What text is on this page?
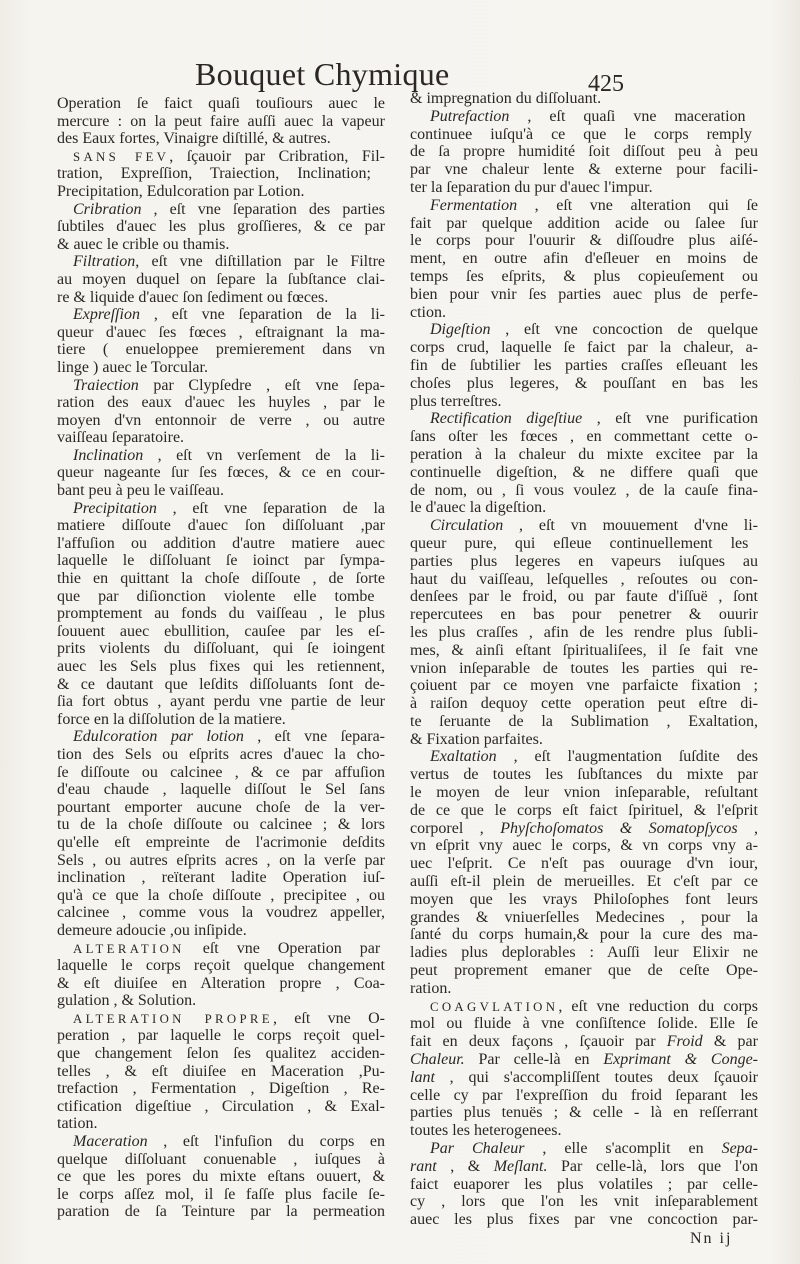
Bouquet Chymique	425
Operation ſe faict quaſi touſiours auec le
mercure : on la peut faire auſſi auec la vapeur
des Eaux fortes, Vinaigre diſtillé, & autres.
SANS FEV, ſçauoir par Cribration, Fil-
tration, Expreſſion, Traiection, Inclination;
Precipitation, Edulcoration par Lotion.
Cribration , eſt vne ſeparation des parties
ſubtiles d'auec les plus groſſieres, & ce par
& auec le crible ou thamis.
Filtration, eſt vne diſtillation par le Filtre
au moyen duquel on ſepare la ſubſtance clai-
re & liquide d'auec ſon ſediment ou fœces.
Expreſſion , eſt vne ſeparation de la li-
queur d'auec ſes fœces , eſtraignant la ma-
tiere ( enueloppee premierement dans vn
linge ) auec le Torcular.
Traiection par Clypſedre , eſt vne ſepa-
ration des eaux d'auec les huyles , par le
moyen d'vn entonnoir de verre , ou autre
vaiſſeau ſeparatoire.
Inclination , eſt vn verſement de la li-
queur nageante ſur ſes fœces, & ce en cour-
bant peu à peu le vaiſſeau.
Precipitation , eſt vne ſeparation de la
matiere diſſoute d'auec ſon diſſoluant ,par
l'affuſion ou addition d'autre matiere auec
laquelle le diſſoluant ſe ioinct par ſympa-
thie en quittant la choſe diſſoute , de ſorte
que par diſionction violente elle tombe
promptement au fonds du vaiſſeau , le plus
ſouuent auec ebullition, cauſee par les eſ-
prits violents du diſſoluant, qui ſe ioingent
auec les Sels plus fixes qui les retiennent,
& ce dautant que leſdits diſſoluants ſont de-
ſia fort obtus , ayant perdu vne partie de leur
force en la diſſolution de la matiere.
Edulcoration par lotion , eſt vne ſepara-
tion des Sels ou eſprits acres d'auec la cho-
ſe diſſoute ou calcinee , & ce par affuſion
d'eau chaude , laquelle diſſout le Sel ſans
pourtant emporter aucune choſe de la ver-
tu de la choſe diſſoute ou calcinee ; & lors
qu'elle eſt empreinte de l'acrimonie deſdits
Sels , ou autres eſprits acres , on la verſe par
inclination , reïterant ladite Operation iuſ-
qu'à ce que la choſe diſſoute , precipitee , ou
calcinee , comme vous la voudrez appeller,
demeure adoucie ,ou inſipide.
ALTERATION eſt vne Operation par
laquelle le corps reçoit quelque changement
& eſt diuiſee en Alteration propre , Coa-
gulation , & Solution.
ALTERATION PROPRE, eſt vne O-
peration , par laquelle le corps reçoit quel-
que changement ſelon ſes qualitez acciden-
telles , & eſt diuiſee en Maceration ,Pu-
trefaction , Fermentation , Digeſtion , Re-
ctification digeſtiue , Circulation , & Exal-
tation.
Maceration , eſt l'infuſion du corps en
quelque diſſoluant conuenable , iuſques à
ce que les pores du mixte eſtans ouuert, &
le corps aſſez mol, il ſe faſſe plus facile ſe-
paration de ſa Teinture par la permeation
& impregnation du diſſoluant.
Putrefaction , eſt quaſi vne maceration
continuee iuſqu'à ce que le corps remply
de ſa propre humidité ſoit diſſout peu à peu
par vne chaleur lente & externe pour facili-
ter la ſeparation du pur d'auec l'impur.
Fermentation , eſt vne alteration qui ſe
fait par quelque addition acide ou ſalee ſur
le corps pour l'ouurir & diſſoudre plus aiſé-
ment, en outre afin d'eſleuer en moins de
temps ſes eſprits, & plus copieuſement ou
bien pour vnir ſes parties auec plus de perfe-
ction.
Digeſtion , eſt vne concoction de quelque
corps crud, laquelle ſe faict par la chaleur, a-
fin de ſubtilier les parties craſſes eſleuant les
choſes plus legeres, & pouſſant en bas les
plus terreſtres.
Rectification digeſtiue , eſt vne purification
ſans oſter les fœces , en commettant cette o-
peration à la chaleur du mixte excitee par la
continuelle digeſtion, & ne differe quaſi que
de nom, ou , ſi vous voulez , de la cauſe fina-
le d'auec la digeſtion.
Circulation , eſt vn mouuement d'vne li-
queur pure, qui eſleue continuellement les
parties plus legeres en vapeurs iuſques au
haut du vaiſſeau, leſquelles , reſoutes ou con-
denſees par le froid, ou par faute d'iſſuë , ſont
repercutees en bas pour penetrer & ouurir
les plus craſſes , afin de les rendre plus ſubli-
mes, & ainſi eſtant ſpiritualiſees, il ſe fait vne
vnion inſeparable de toutes les parties qui re-
çoiuent par ce moyen vne parfaicte fixation ;
à raiſon dequoy cette operation peut eſtre di-
te ſeruante de la Sublimation , Exaltation,
& Fixation parfaites.
Exaltation , eſt l'augmentation ſuſdite des
vertus de toutes les ſubſtances du mixte par
le moyen de leur vnion inſeparable, reſultant
de ce que le corps eſt faict ſpirituel, & l'eſprit
corporel , Phyſchoſomatos & Somatopſycos ,
vn eſprit vny auec le corps, & vn corps vny a-
uec l'eſprit. Ce n'eſt pas ouurage d'vn iour,
auſſi eſt-il plein de merueilles. Et c'eſt par ce
moyen que les vrays Philoſophes font leurs
grandes & vniuerſelles Medecines , pour la
ſanté du corps humain,& pour la cure des ma-
ladies plus deplorables : Auſſi leur Elixir ne
peut proprement emaner que de ceſte Ope-
ration.
COAGVLATION, eſt vne reduction du corps
mol ou fluide à vne conſiſtence ſolide. Elle ſe
fait en deux façons , ſçauoir par Froid & par
Chaleur. Par celle-là en Exprimant & Conge-
lant , qui s'accompliſſent toutes deux ſçauoir
celle cy par l'expreſſion du froid ſeparant les
parties plus tenuës ; & celle - là en reſſerrant
toutes les heterogenees.
Par Chaleur , elle s'acomplit en Sepa-
rant , & Meſlant. Par celle-là, lors que l'on
faict euaporer les plus volatiles ; par celle-
cy , lors que l'on les vnit inſeparablement
auec les plus fixes par vne concoction par-
Nn ij
